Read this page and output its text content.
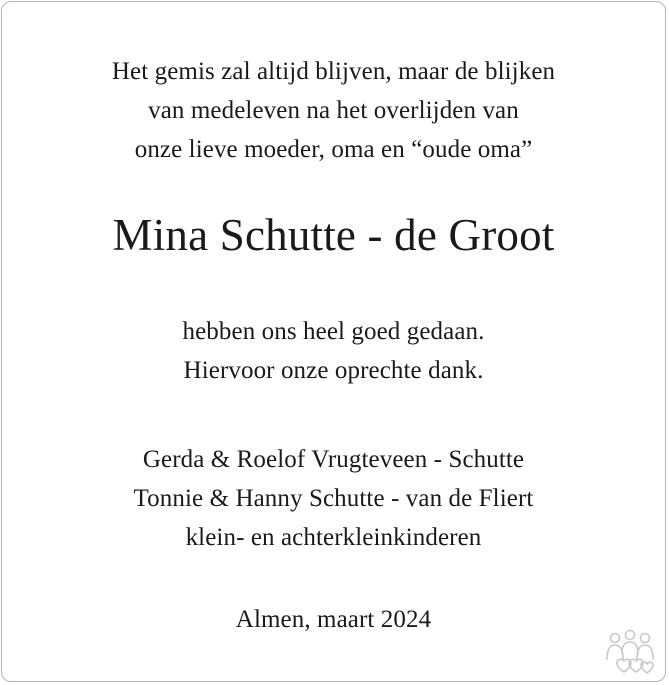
Het gemis zal altijd blijven, maar de blijken
van medeleven na het overlijden van
onze lieve moeder, oma en “oude oma”
Mina Schutte - de Groot
hebben ons heel goed gedaan.
Hiervoor onze oprechte dank.
Gerda & Roelof Vrugteveen - Schutte
Tonnie & Hanny Schutte - van de Fliert
klein- en achterkleinkinderen
Almen, maart 2024
